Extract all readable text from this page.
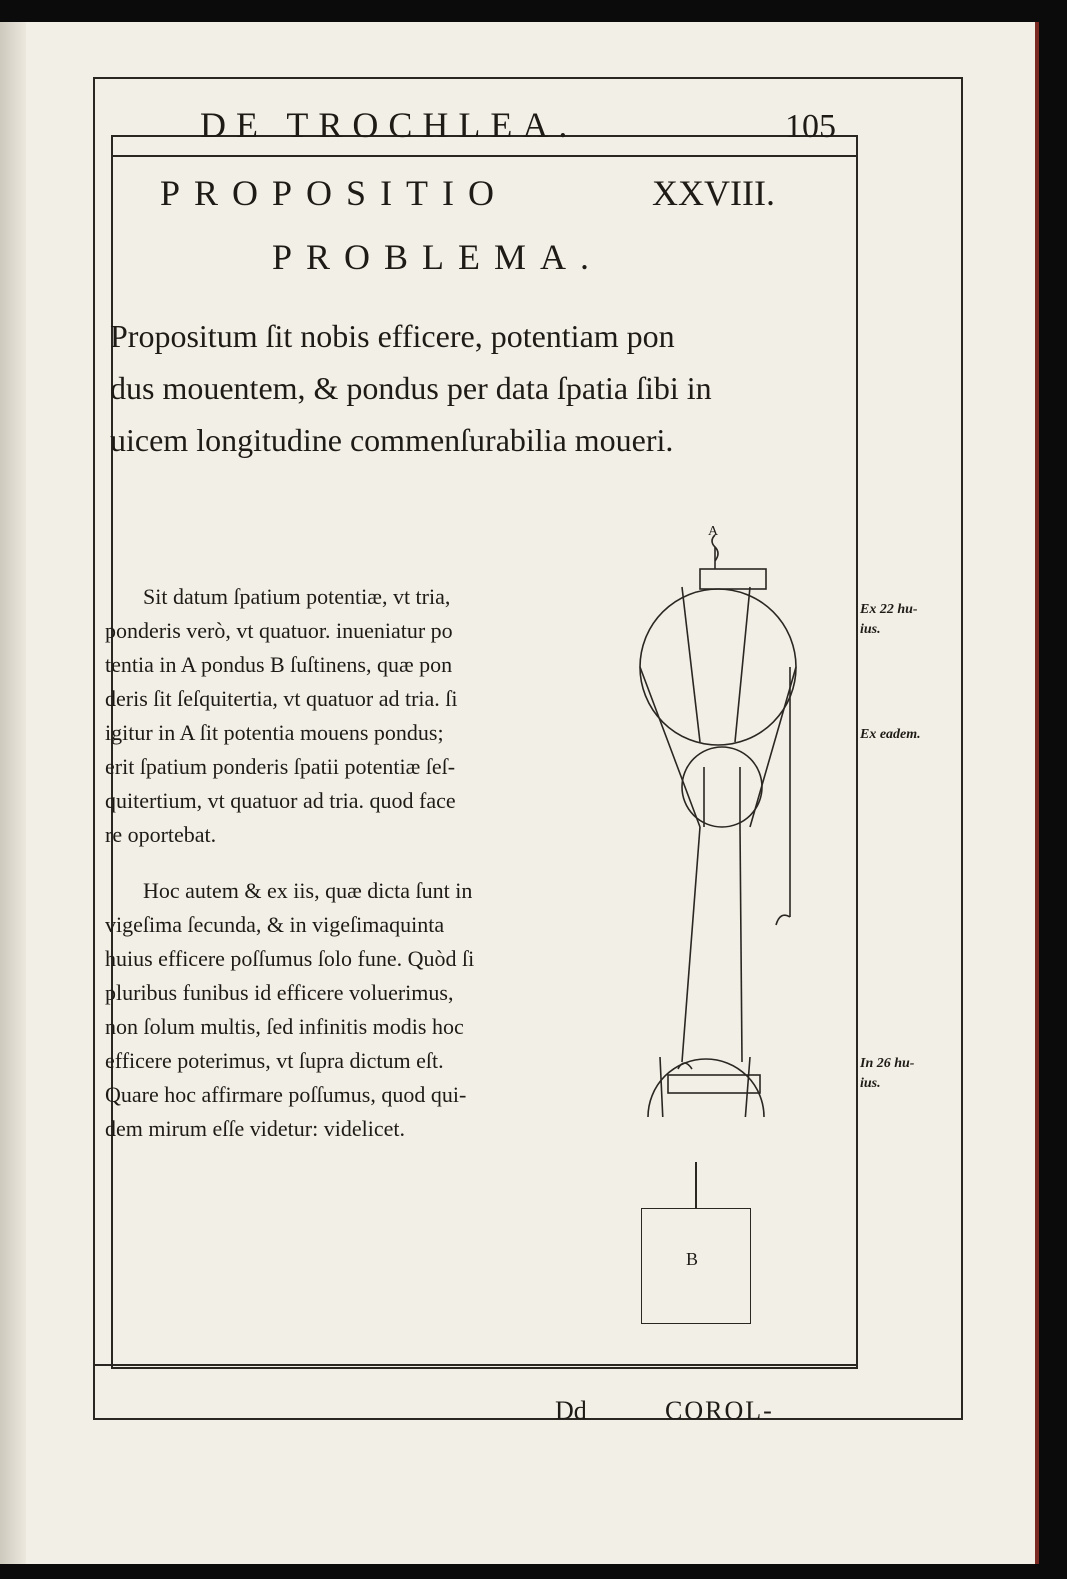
DE TROCHLEA.	105
PROPOSITIO	XXVIII.
PROBLEMA.
Propositum ſit nobis efficere, potentiam pon
dus mouentem, & pondus per data ſpatia ſibi in
uicem longitudine commenſurabilia moueri.
Sit datum ſpatium potentiæ, vt tria,
ponderis verò, vt quatuor. inueniatur po
tentia in A pondus B ſuſtinens, quæ pon
deris ſit ſeſquitertia, vt quatuor ad tria. ſi
igitur in A ſit potentia mouens pondus;
erit ſpatium ponderis ſpatii potentiæ ſeſ-
quitertium, vt quatuor ad tria. quod face
re oportebat.
Hoc autem & ex iis, quæ dicta ſunt in
vigeſima ſecunda, & in vigeſimaquinta
huius efficere poſſumus ſolo fune. Quòd ſi
pluribus funibus id efficere voluerimus,
non ſolum multis, ſed infinitis modis hoc
efficere poterimus, vt ſupra dictum eſt.
Quare hoc affirmare poſſumus, quod qui-
dem mirum eſſe videtur: videlicet.
Ex 22 hu-
ius.
Ex eadem.
In 26 hu-
ius.
A
B
Dd	COROL-
